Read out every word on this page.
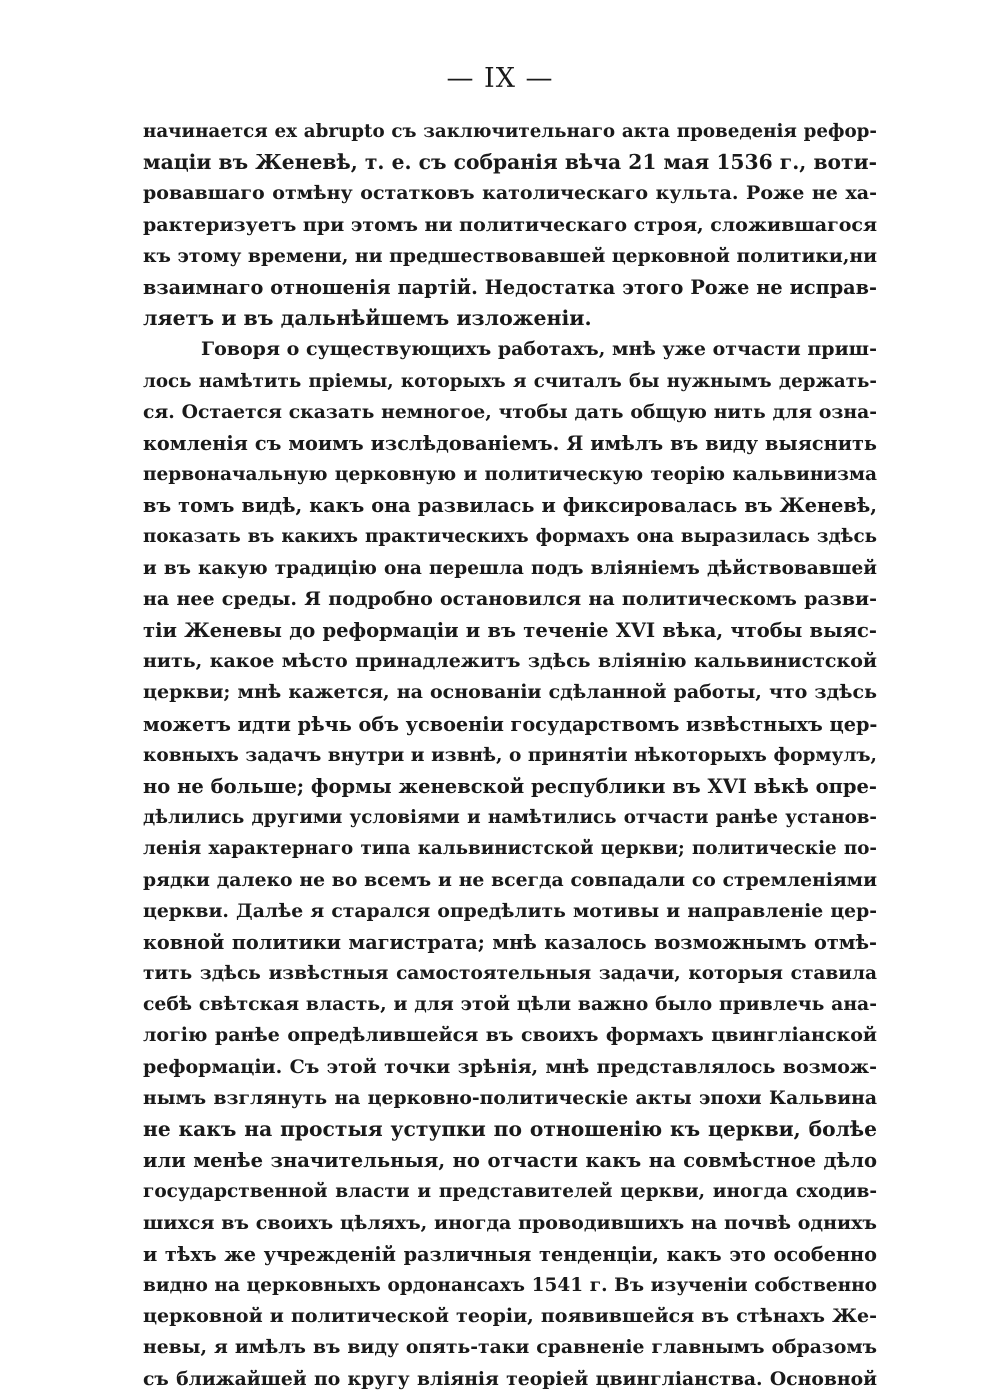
— IX —
начинается ex abrupto съ заключительнаго акта проведенія рефор-
маціи въ Женевѣ, т. е. съ собранія вѣча 21 мая 1536 г., воти-
ровавшаго отмѣну остатковъ католическаго культа. Роже не ха-
рактеризуетъ при этомъ ни политическаго строя, сложившагося
къ этому времени, ни предшествовавшей церковной политики,ни
взаимнаго отношенія партій. Недостатка этого Роже не исправ-
ляетъ и въ дальнѣйшемъ изложеніи.
Говоря о существующихъ работахъ, мнѣ уже отчасти приш-
лось намѣтить пріемы, которыхъ я считалъ бы нужнымъ держать-
ся. Остается сказать немногое, чтобы дать общую нить для озна-
комленія съ моимъ изслѣдованіемъ. Я имѣлъ въ виду выяснить
первоначальную церковную и политическую теорію кальвинизма
въ томъ видѣ, какъ она развилась и фиксировалась въ Женевѣ,
показать въ какихъ практическихъ формахъ она выразилась здѣсь
и въ какую традицію она перешла подъ вліяніемъ дѣйствовавшей
на нее среды. Я подробно остановился на политическомъ разви-
тіи Женевы до реформаціи и въ теченіе XVI вѣка, чтобы выяс-
нить, какое мѣсто принадлежитъ здѣсь вліянію кальвинистской
церкви; мнѣ кажется, на основаніи сдѣланной работы, что здѣсь
можетъ идти рѣчь объ усвоеніи государствомъ извѣстныхъ цер-
ковныхъ задачъ внутри и извнѣ, о принятіи нѣкоторыхъ формулъ,
но не больше; формы женевской республики въ XVI вѣкѣ опре-
дѣлились другими условіями и намѣтились отчасти ранѣе установ-
ленія характернаго типа кальвинистской церкви; политическіе по-
рядки далеко не во всемъ и не всегда совпадали со стремленіями
церкви. Далѣе я старался опредѣлить мотивы и направленіе цер-
ковной политики магистрата; мнѣ казалось возможнымъ отмѣ-
тить здѣсь извѣстныя самостоятельныя задачи, которыя ставила
себѣ свѣтская власть, и для этой цѣли важно было привлечь ана-
логію ранѣе опредѣлившейся въ своихъ формахъ цвингліанской
реформаціи. Съ этой точки зрѣнія, мнѣ представлялось возмож-
нымъ взглянуть на церковно-политическіе акты эпохи Кальвина
не какъ на простыя уступки по отношенію къ церкви, болѣе
или менѣе значительныя, но отчасти какъ на совмѣстное дѣло
государственной власти и представителей церкви, иногда сходив-
шихся въ своихъ цѣляхъ, иногда проводившихъ на почвѣ однихъ
и тѣхъ же учрежденій различныя тенденціи, какъ это особенно
видно на церковныхъ ордонансахъ 1541 г. Въ изученіи собственно
церковной и политической теоріи, появившейся въ стѣнахъ Же-
невы, я имѣлъ въ виду опять-таки сравненіе главнымъ образомъ
съ ближайшей по кругу вліянія теоріей цвингліанства. Основной
